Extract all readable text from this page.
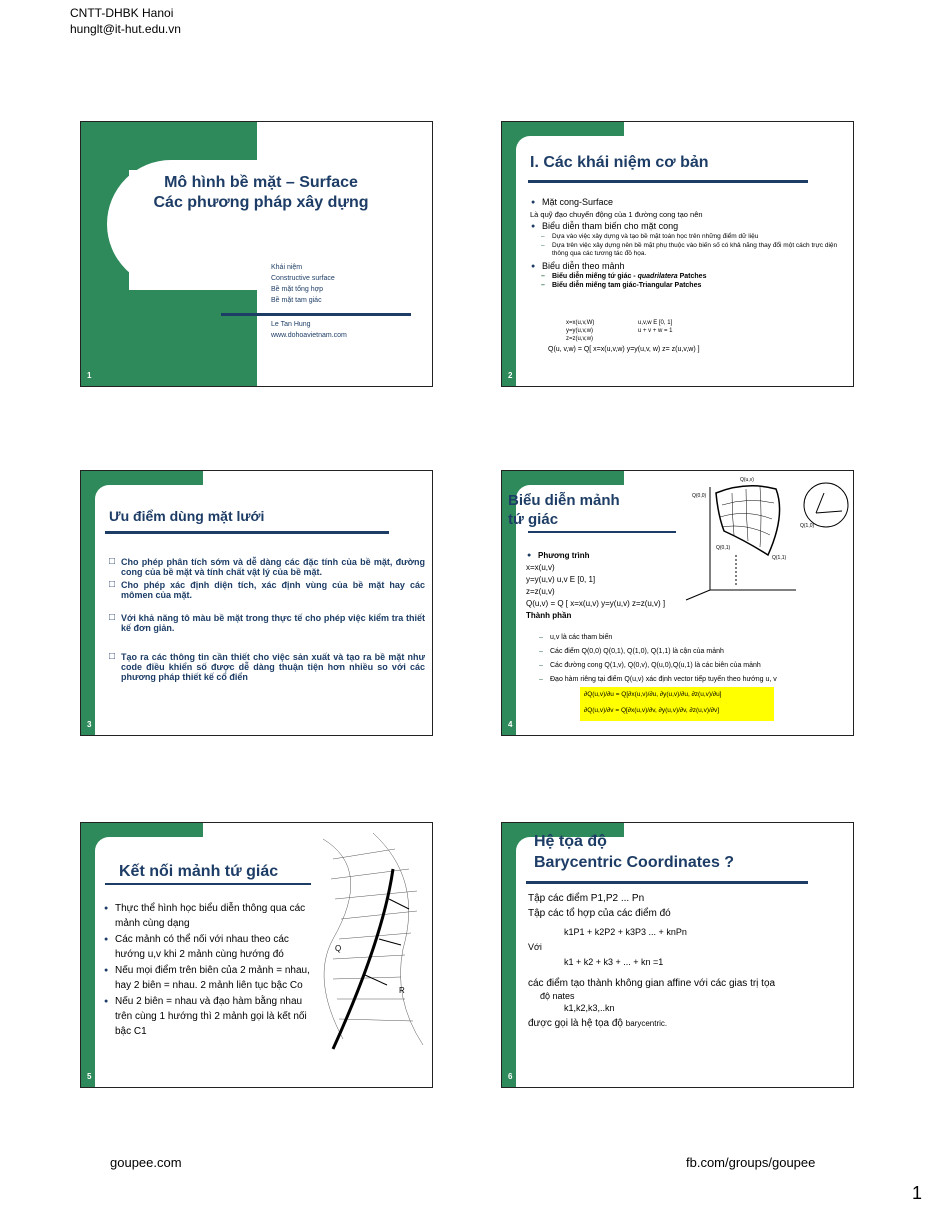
CNTT-DHBK Hanoi
hunglt@it-hut.edu.vn
Mô hình bề mặt – Surface
Các phương pháp xây dựng
Khái niệm
Constructive surface
Bề mặt tổng hợp
Bề mặt tam giác
Le Tan Hung
www.dohoavietnam.com
1
I. Các khái niệm cơ bản
● Mặt cong-Surface
Là quỹ đạo chuyển động của 1 đường cong tạo nên
● Biểu diễn tham biến cho mặt cong
– Dựa vào việc xây dựng và tạo bề mặt toán học trên những điểm dữ liệu
– Dựa trên việc xây dựng nên bề mặt phụ thuộc vào biến số có khả năng thay đổi một cách trực diện thông qua các tương tác đồ họa.
● Biểu diễn theo mảnh
– Biểu diễn miếng tứ giác - quadrilatera Patches
– Biểu diễn miếng tam giác-Triangular Patches
x=x(u,v,W)	u,v,w E [0, 1]
y=y(u,v,w)	u + v + w = 1
z=z(u,v,w)
Q(u, v,w) = Q[ x=x(u,v,w) y=y(u,v, w) z= z(u,v,w) ]
2
Ưu điểm dùng mặt lưới
□ Cho phép phân tích sớm và dễ dàng các đặc tính của bề mặt, đường cong của bề mặt và tính chất vật lý của bề mặt.
□ Cho phép xác định diện tích, xác định vùng của bề mặt hay các mômen của mặt.
□ Với khả năng tô màu bề mặt trong thực tế cho phép việc kiểm tra thiết kế đơn giản.
□ Tạo ra các thông tin cần thiết cho việc sản xuất và tạo ra bề mặt như code điều khiển số được dễ dàng thuận tiện hơn nhiều so với các phương pháp thiết kế cổ điển
3
Biểu diễn mảnh
tứ giác
Q(0,0)
Q(u,v)
Q(0,1)
Q(1,1)
Q(1,0)
● Phương trình
x=x(u,v)
y=y(u,v) u,v E [0, 1]
z=z(u,v)
Q(u,v) = Q [ x=x(u,v) y=y(u,v) z=z(u,v) ]
Thành phần
– u,v là các tham biến
– Các điểm Q(0,0) Q(0,1), Q(1,0), Q(1,1) là cận của mảnh
– Các đường cong Q(1,v), Q(0,v), Q(u,0),Q(u,1) là các biên của mảnh
– Đạo hàm riêng tại điểm Q(u,v) xác định vector tiếp tuyến theo hướng u, v
∂Q(u,v)/∂u = Q[∂x(u,v)/∂u, ∂y(u,v)/∂u, ∂z(u,v)/∂u]
∂Q(u,v)/∂v = Q[∂x(u,v)/∂v, ∂y(u,v)/∂v, ∂z(u,v)/∂v]
4
Q
R
Kết nối mảnh tứ giác
● Thực thể hình học biểu diễn thông qua các mảnh cùng dạng
● Các mảnh có thể nối với nhau theo các hướng u,v khi 2 mảnh cùng hướng đó
● Nếu mọi điểm trên biên của 2 mảnh = nhau, hay 2 biên = nhau. 2 mảnh liên tục bậc Co
● Nếu 2 biên = nhau và đạo hàm bằng nhau trên cùng 1 hướng thì 2 mảnh gọi là kết nối bậc C1
5
Hệ tọa độ
Barycentric Coordinates ?
Tập các điểm P1,P2 ... Pn
Tập các tổ hợp của các điểm đó
k1P1 + k2P2 + k3P3 ... + knPn
Với
k1 + k2 + k3 + ... + kn =1
các điểm tạo thành không gian affine với các gias trị tọa
độ nates
k1,k2,k3,..kn
được gọi là hệ tọa độ barycentric.
6
goupee.com	fb.com/groups/goupee
1
